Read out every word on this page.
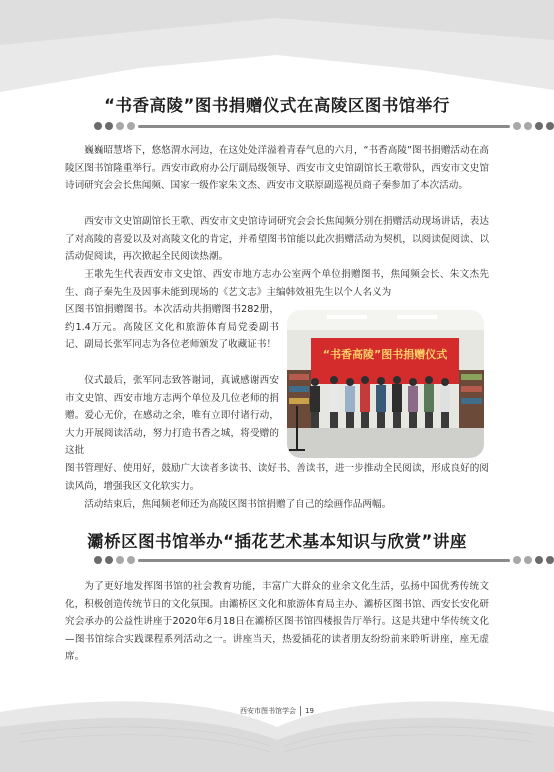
“书香高陵”图书捐赠仪式在高陵区图书馆举行

巍巍昭慧塔下，悠悠渭水河边，在这处处洋溢着青春气息的六月，“书香高陵”图书捐赠活动在高陵区图书馆隆重举行。西安市政府办公厅副局级领导、西安市文史馆副馆长王歌带队，西安市文史馆诗词研究会会长焦闻频、国家一级作家朱文杰、西安市文联原副巡视员商子秦参加了本次活动。

西安市文史馆副馆长王歌、西安市文史馆诗词研究会会长焦闻频分别在捐赠活动现场讲话，表达了对高陵的喜爱以及对高陵文化的肯定，并希望图书馆能以此次捐赠活动为契机，以阅读促阅读、以活动促阅读，再次掀起全民阅读热潮。

王歌先生代表西安市文史馆、西安市地方志办公室两个单位捐赠图书，焦闻频会长、朱文杰先生、商子秦先生及因事未能到现场的《艺文志》主编韩效祖先生以个人名义为

区图书馆捐赠图书。本次活动共捐赠图书282册，约1.4万元。高陵区文化和旅游体育局党委副书记、副局长张军同志为各位老师颁发了收藏证书！

仪式最后，张军同志致答谢词，真诚感谢西安市文史馆、西安市地方志两个单位及几位老师的捐赠。爱心无价，在感动之余，唯有立即付诸行动，大力开展阅读活动，努力打造书香之城，将受赠的这批

图书管理好、使用好，鼓励广大读者多读书、读好书、善读书，进一步推动全民阅读，形成良好的阅读风尚，增强我区文化软实力。

活动结束后，焦闻频老师还为高陵区图书馆捐赠了自己的绘画作品两幅。

“书香高陵”图书捐赠仪式
灞桥区图书馆举办“插花艺术基本知识与欣赏”讲座

为了更好地发挥图书馆的社会教育功能，丰富广大群众的业余文化生活，弘扬中国优秀传统文化，积极创造传统节日的文化氛围。由灞桥区文化和旅游体育局主办、灞桥区图书馆、西安长安化研究会承办的公益性讲座于2020年6月18日在灞桥区图书馆四楼报告厅举行。这是共建中华传统文化—图书馆综合实践课程系列活动之一。讲座当天，热爱插花的读者朋友纷纷前来聆听讲座，座无虚席。

西安市图书馆学会 19
